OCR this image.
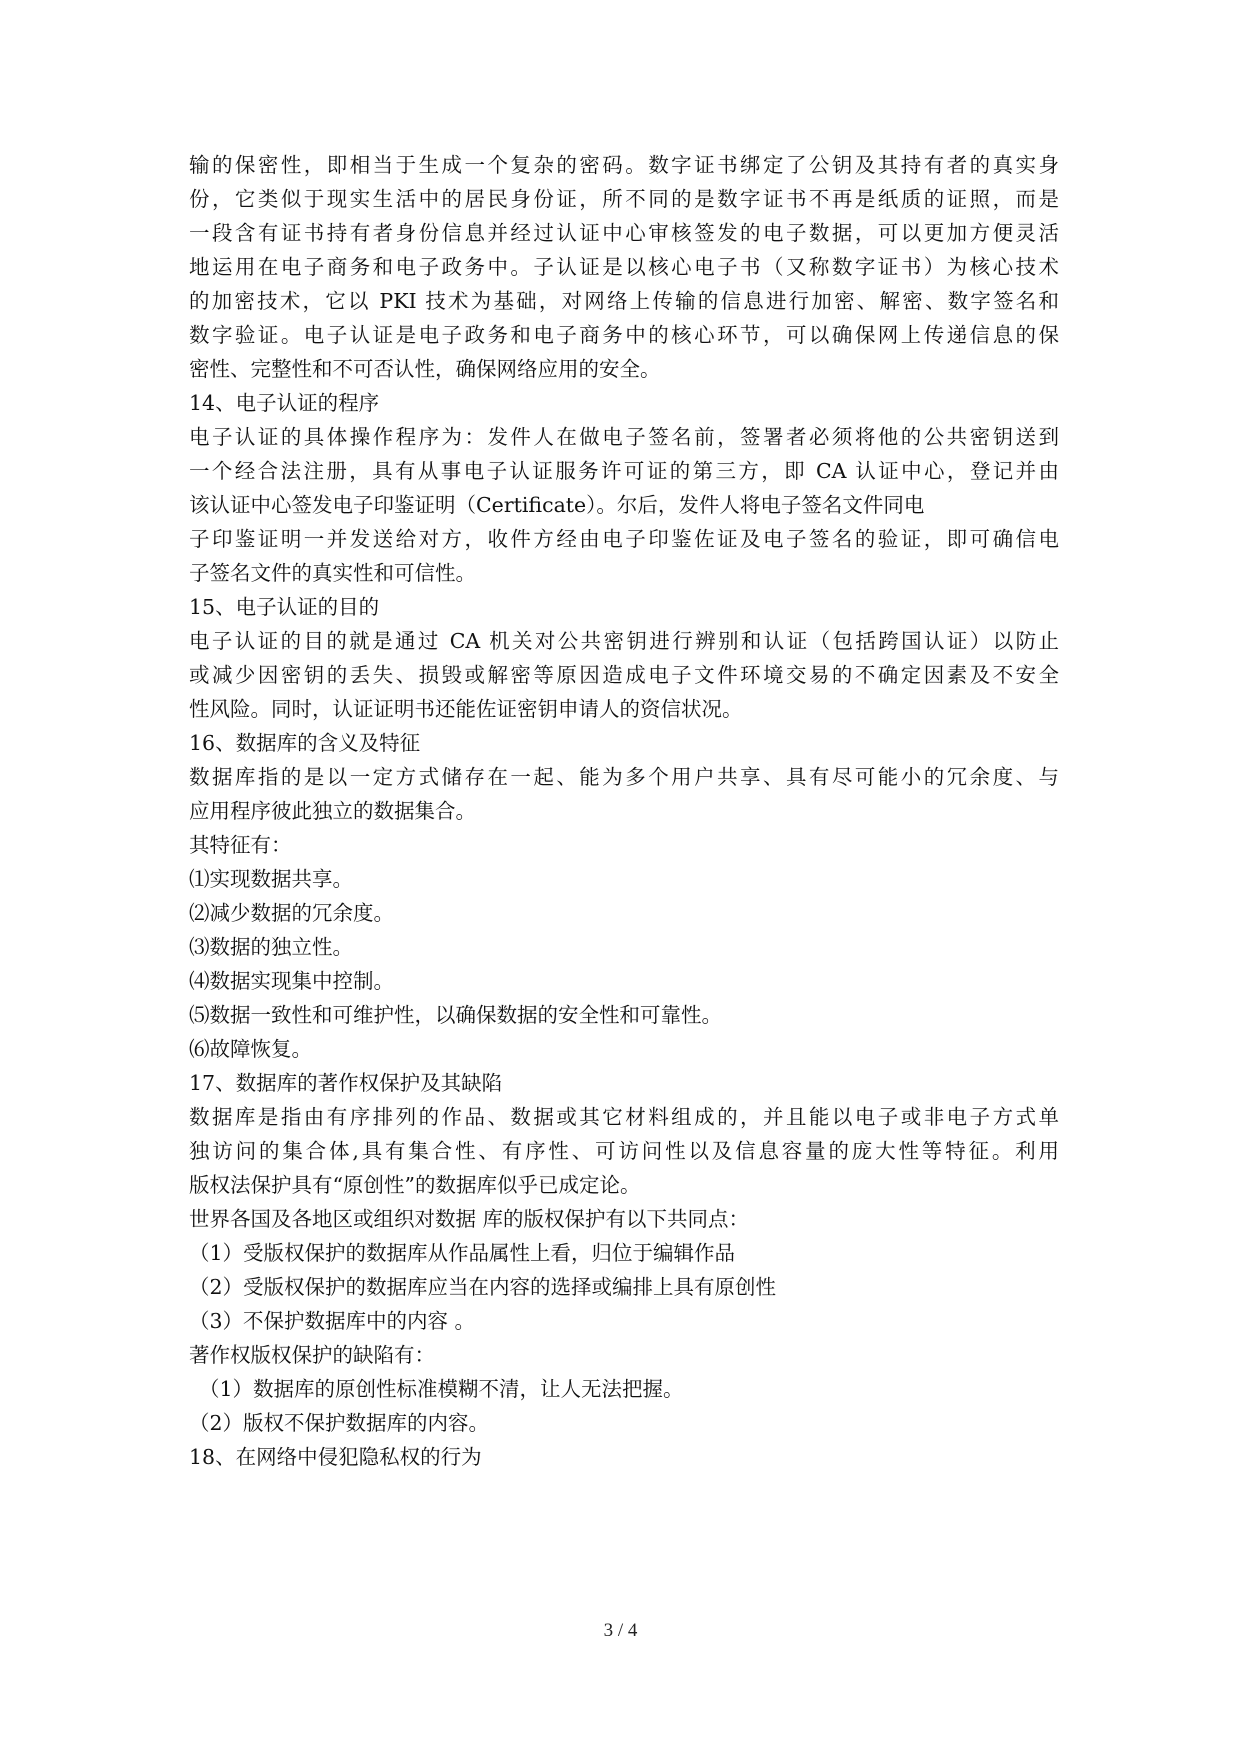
输的保密性，即相当于生成一个复杂的密码。数字证书绑定了公钥及其持有者的真实身
份，它类似于现实生活中的居民身份证，所不同的是数字证书不再是纸质的证照，而是
一段含有证书持有者身份信息并经过认证中心审核签发的电子数据，可以更加方便灵活
地运用在电子商务和电子政务中。子认证是以核心电子书（又称数字证书）为核心技术
的加密技术，它以 PKI 技术为基础，对网络上传输的信息进行加密、解密、数字签名和
数字验证。电子认证是电子政务和电子商务中的核心环节，可以确保网上传递信息的保
密性、完整性和不可否认性，确保网络应用的安全。
14、电子认证的程序
电子认证的具体操作程序为：发件人在做电子签名前，签署者必须将他的公共密钥送到
一个经合法注册，具有从事电子认证服务许可证的第三方，即 CA 认证中心，登记并由
该认证中心签发电子印鉴证明（Certificate）。尔后，发件人将电子签名文件同电
子印鉴证明一并发送给对方，收件方经由电子印鉴佐证及电子签名的验证，即可确信电
子签名文件的真实性和可信性。
15、电子认证的目的
电子认证的目的就是通过 CA 机关对公共密钥进行辨别和认证（包括跨国认证）以防止
或减少因密钥的丢失、损毁或解密等原因造成电子文件环境交易的不确定因素及不安全
性风险。同时，认证证明书还能佐证密钥申请人的资信状况。
16、数据库的含义及特征
数据库指的是以一定方式储存在一起、能为多个用户共享、具有尽可能小的冗余度、与
应用程序彼此独立的数据集合。
其特征有：
⑴实现数据共享。
⑵减少数据的冗余度。
⑶数据的独立性。
⑷数据实现集中控制。
⑸数据一致性和可维护性，以确保数据的安全性和可靠性。
⑹故障恢复。
17、数据库的著作权保护及其缺陷
数据库是指由有序排列的作品、数据或其它材料组成的，并且能以电子或非电子方式单
独访问的集合体,具有集合性、有序性、可访问性以及信息容量的庞大性等特征。利用
版权法保护具有“原创性”的数据库似乎已成定论。
世界各国及各地区或组织对数据 库的版权保护有以下共同点：
（1）受版权保护的数据库从作品属性上看，归位于编辑作品
（2）受版权保护的数据库应当在内容的选择或编排上具有原创性
（3）不保护数据库中的内容 。
著作权版权保护的缺陷有：
（1）数据库的原创性标准模糊不清，让人无法把握。
（2）版权不保护数据库的内容。
18、在网络中侵犯隐私权的行为
3 / 4
